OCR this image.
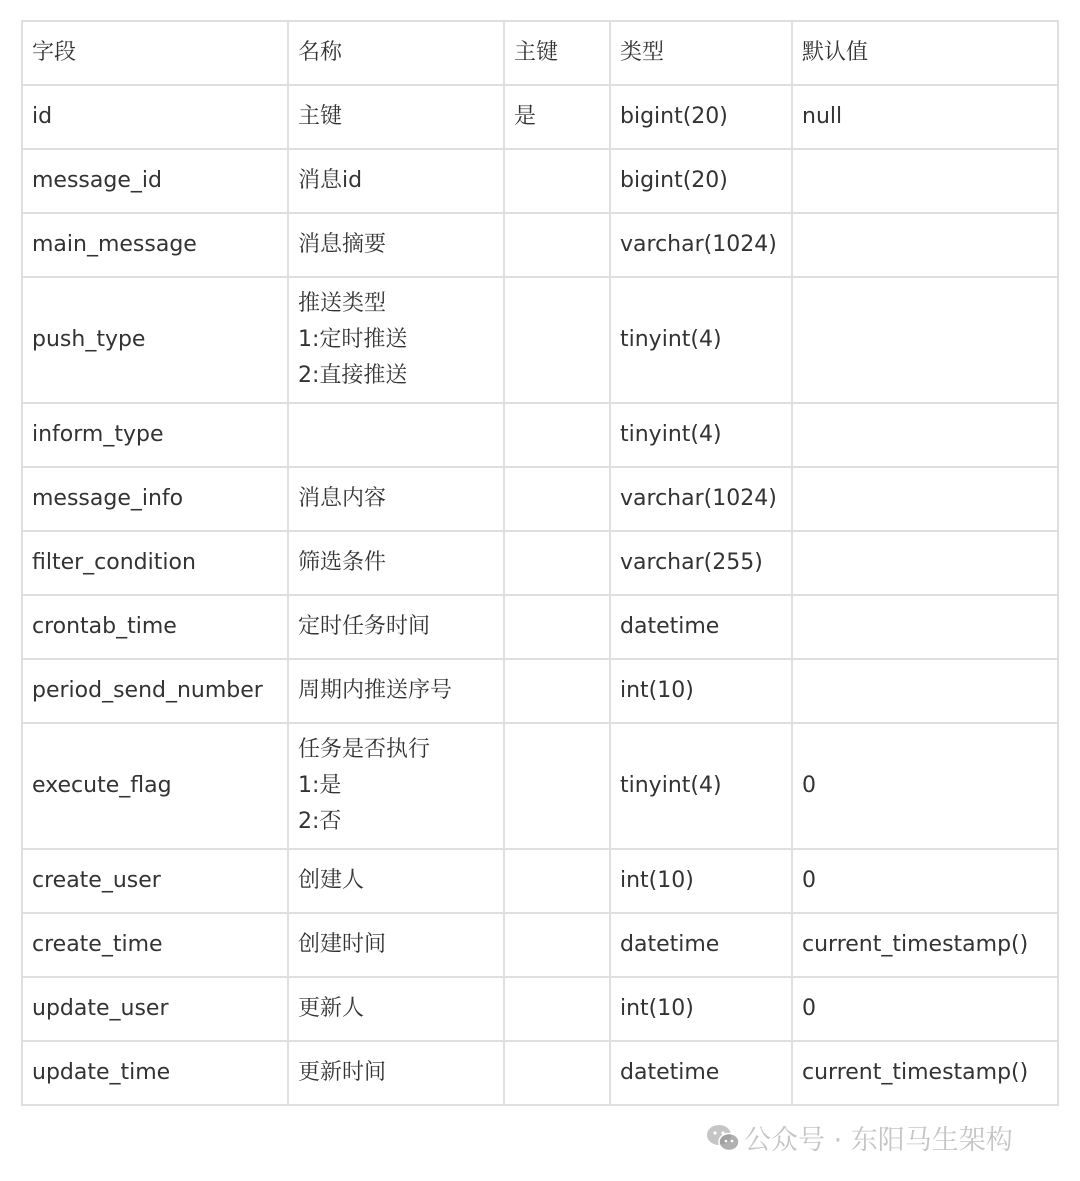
字段	名称	主键	类型	默认值
id	主键	是	bigint(20)	null
message_id	消息id		bigint(20)	
main_message	消息摘要		varchar(1024)	
push_type	推送类型
1:定时推送
2:直接推送		tinyint(4)	
inform_type			tinyint(4)	
message_info	消息内容		varchar(1024)	
filter_condition	筛选条件		varchar(255)	
crontab_time	定时任务时间		datetime	
period_send_number	周期内推送序号		int(10)	
execute_flag	任务是否执行
1:是
2:否		tinyint(4)	0
create_user	创建人		int(10)	0
create_time	创建时间		datetime	current_timestamp()
update_user	更新人		int(10)	0
update_time	更新时间		datetime	current_timestamp()
公众号 · 东阳马生架构
